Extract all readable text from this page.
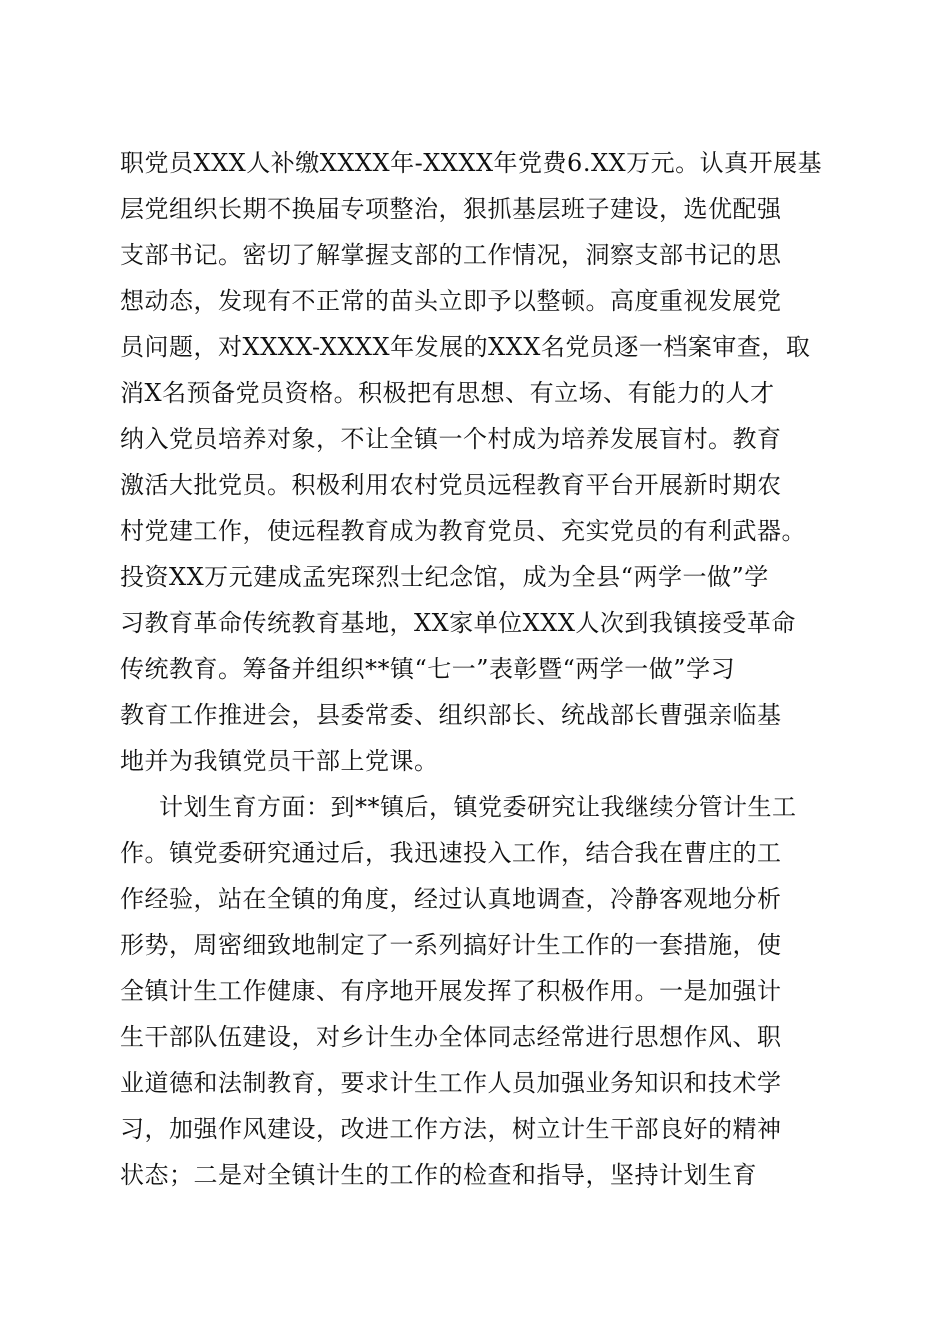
职党员XXX人补缴XXXX年-XXXX年党费6.XX万元。认真开展基
层党组织长期不换届专项整治，狠抓基层班子建设，选优配强
支部书记。密切了解掌握支部的工作情况，洞察支部书记的思
想动态，发现有不正常的苗头立即予以整顿。高度重视发展党
员问题，对XXXX-XXXX年发展的XXX名党员逐一档案审查，取
消X名预备党员资格。积极把有思想、有立场、有能力的人才
纳入党员培养对象，不让全镇一个村成为培养发展盲村。教育
激活大批党员。积极利用农村党员远程教育平台开展新时期农
村党建工作，使远程教育成为教育党员、充实党员的有利武器。
投资XX万元建成孟宪琛烈士纪念馆，成为全县“两学一做”学
习教育革命传统教育基地，XX家单位XXX人次到我镇接受革命
传统教育。筹备并组织**镇“七一”表彰暨“两学一做”学习
教育工作推进会，县委常委、组织部长、统战部长曹强亲临基
地并为我镇党员干部上党课。
计划生育方面：到**镇后，镇党委研究让我继续分管计生工
作。镇党委研究通过后，我迅速投入工作，结合我在曹庄的工
作经验，站在全镇的角度，经过认真地调查，冷静客观地分析
形势，周密细致地制定了一系列搞好计生工作的一套措施，使
全镇计生工作健康、有序地开展发挥了积极作用。一是加强计
生干部队伍建设，对乡计生办全体同志经常进行思想作风、职
业道德和法制教育，要求计生工作人员加强业务知识和技术学
习，加强作风建设，改进工作方法，树立计生干部良好的精神
状态；二是对全镇计生的工作的检查和指导，坚持计划生育
